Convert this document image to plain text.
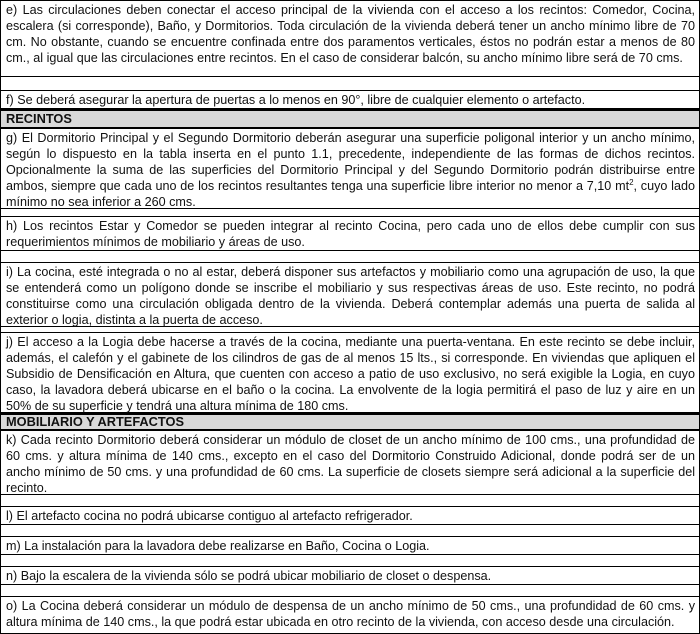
e) Las circulaciones deben conectar el acceso principal de la vivienda con el acceso a los recintos: Comedor, Cocina, escalera (si corresponde), Baño, y Dormitorios. Toda circulación de la vivienda deberá tener un ancho mínimo libre de 70 cm. No obstante, cuando se encuentre confinada entre dos paramentos verticales, éstos no podrán estar a menos de 80 cm., al igual que las circulaciones entre recintos. En el caso de considerar balcón, su ancho mínimo libre será de 70 cms.
f) Se deberá asegurar la apertura de puertas a lo menos en 90°, libre de cualquier elemento o artefacto.
RECINTOS
g) El Dormitorio Principal y el Segundo Dormitorio deberán asegurar una superficie poligonal interior y un ancho mínimo, según lo dispuesto en la tabla inserta en el punto 1.1, precedente, independiente de las formas de dichos recintos. Opcionalmente la suma de las superficies del Dormitorio Principal y del Segundo Dormitorio podrán distribuirse entre ambos, siempre que cada uno de los recintos resultantes tenga una superficie libre interior no menor a 7,10 $mt^2$, cuyo lado mínimo no sea inferior a 260 cms.
h) Los recintos Estar y Comedor se pueden integrar al recinto Cocina, pero cada uno de ellos debe cumplir con sus requerimientos mínimos de mobiliario y áreas de uso.
i) La cocina, esté integrada o no al estar, deberá disponer sus artefactos y mobiliario como una agrupación de uso, la que se entenderá como un polígono donde se inscribe el mobiliario y sus respectivas áreas de uso. Este recinto, no podrá constituirse como una circulación obligada dentro de la vivienda. Deberá contemplar además una puerta de salida al exterior o logia, distinta a la puerta de acceso.
j) El acceso a la Logia debe hacerse a través de la cocina, mediante una puerta-ventana. En este recinto se debe incluir, además, el calefón y el gabinete de los cilindros de gas de al menos 15 lts., si corresponde. En viviendas que apliquen el Subsidio de Densificación en Altura, que cuenten con acceso a patio de uso exclusivo, no será exigible la Logia, en cuyo caso, la lavadora deberá ubicarse en el baño o la cocina. La envolvente de la logia permitirá el paso de luz y aire en un 50% de su superficie y tendrá una altura mínima de 180 cms.
MOBILIARIO Y ARTEFACTOS
k) Cada recinto Dormitorio deberá considerar un módulo de closet de un ancho mínimo de 100 cms., una profundidad de 60 cms. y altura mínima de 140 cms., excepto en el caso del Dormitorio Construido Adicional, donde podrá ser de un ancho mínimo de 50 cms. y una profundidad de 60 cms. La superficie de closets siempre será adicional a la superficie del recinto.
l) El artefacto cocina no podrá ubicarse contiguo al artefacto refrigerador.
m) La instalación para la lavadora debe realizarse en Baño, Cocina o Logia.
n) Bajo la escalera de la vivienda sólo se podrá ubicar mobiliario de closet o despensa.
o) La Cocina deberá considerar un módulo de despensa de un ancho mínimo de 50 cms., una profundidad de 60 cms. y altura mínima de 140 cms., la que podrá estar ubicada en otro recinto de la vivienda, con acceso desde una circulación.
